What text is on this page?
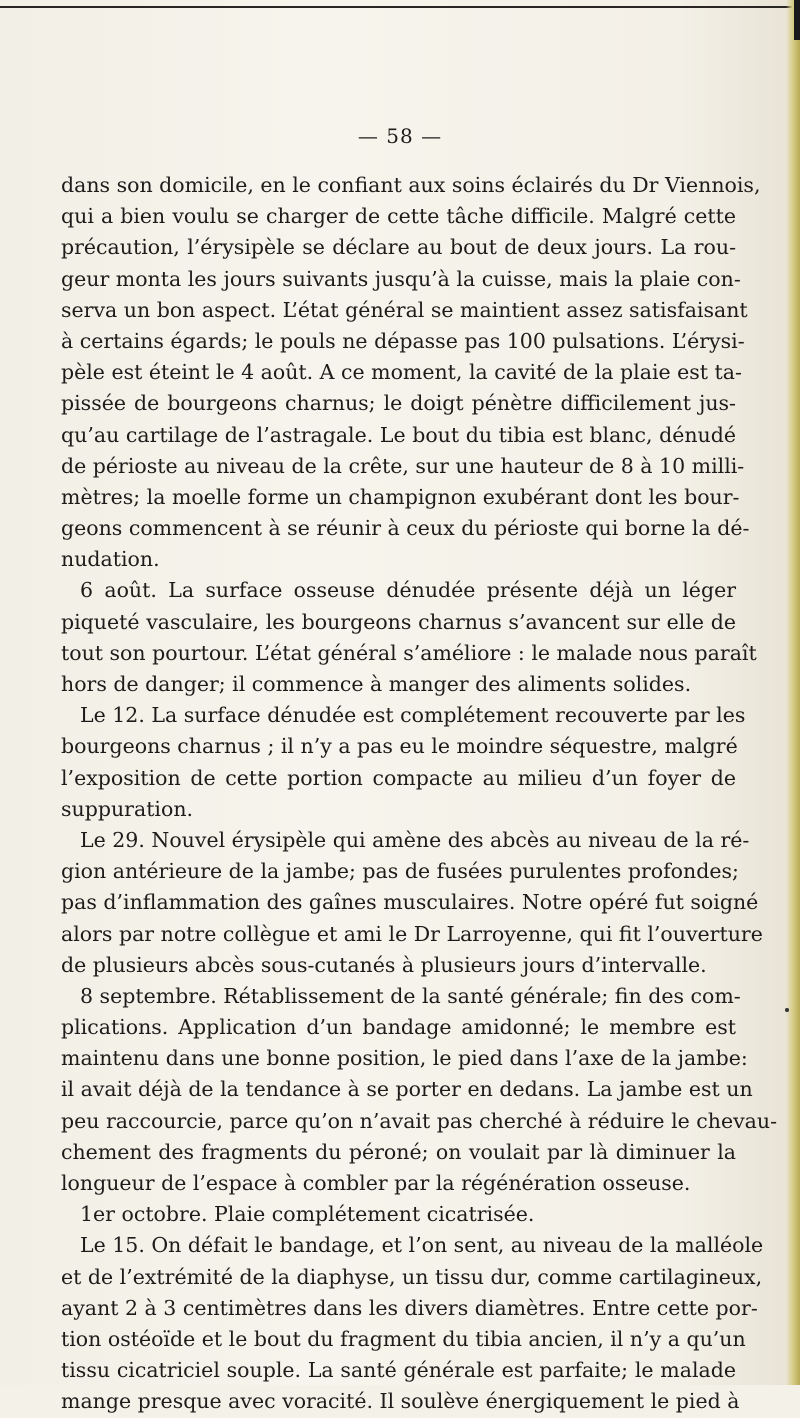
— 58 —
dans son domicile, en le confiant aux soins éclairés du Dr Viennois,
qui a bien voulu se charger de cette tâche difficile. Malgré cette
précaution, l’érysipèle se déclare au bout de deux jours. La rou-
geur monta les jours suivants jusqu’à la cuisse, mais la plaie con-
serva un bon aspect. L’état général se maintient assez satisfaisant
à certains égards; le pouls ne dépasse pas 100 pulsations. L’érysi-
pèle est éteint le 4 août. A ce moment, la cavité de la plaie est ta-
pissée de bourgeons charnus; le doigt pénètre difficilement jus-
qu’au cartilage de l’astragale. Le bout du tibia est blanc, dénudé
de périoste au niveau de la crête, sur une hauteur de 8 à 10 milli-
mètres; la moelle forme un champignon exubérant dont les bour-
geons commencent à se réunir à ceux du périoste qui borne la dé-
nudation.
6 août. La surface osseuse dénudée présente déjà un léger
piqueté vasculaire, les bourgeons charnus s’avancent sur elle de
tout son pourtour. L’état général s’améliore : le malade nous paraît
hors de danger; il commence à manger des aliments solides.
Le 12. La surface dénudée est complétement recouverte par les
bourgeons charnus ; il n’y a pas eu le moindre séquestre, malgré
l’exposition de cette portion compacte au milieu d’un foyer de
suppuration.
Le 29. Nouvel érysipèle qui amène des abcès au niveau de la ré-
gion antérieure de la jambe; pas de fusées purulentes profondes;
pas d’inflammation des gaînes musculaires. Notre opéré fut soigné
alors par notre collègue et ami le Dr Larroyenne, qui fit l’ouverture
de plusieurs abcès sous-cutanés à plusieurs jours d’intervalle.
8 septembre. Rétablissement de la santé générale; fin des com-
plications. Application d’un bandage amidonné; le membre est
maintenu dans une bonne position, le pied dans l’axe de la jambe:
il avait déjà de la tendance à se porter en dedans. La jambe est un
peu raccourcie, parce qu’on n’avait pas cherché à réduire le chevau-
chement des fragments du péroné; on voulait par là diminuer la
longueur de l’espace à combler par la régénération osseuse.
1er octobre. Plaie complétement cicatrisée.
Le 15. On défait le bandage, et l’on sent, au niveau de la malléole
et de l’extrémité de la diaphyse, un tissu dur, comme cartilagineux,
ayant 2 à 3 centimètres dans les divers diamètres. Entre cette por-
tion ostéoïde et le bout du fragment du tibia ancien, il n’y a qu’un
tissu cicatriciel souple. La santé générale est parfaite; le malade
mange presque avec voracité. Il soulève énergiquement le pied à
